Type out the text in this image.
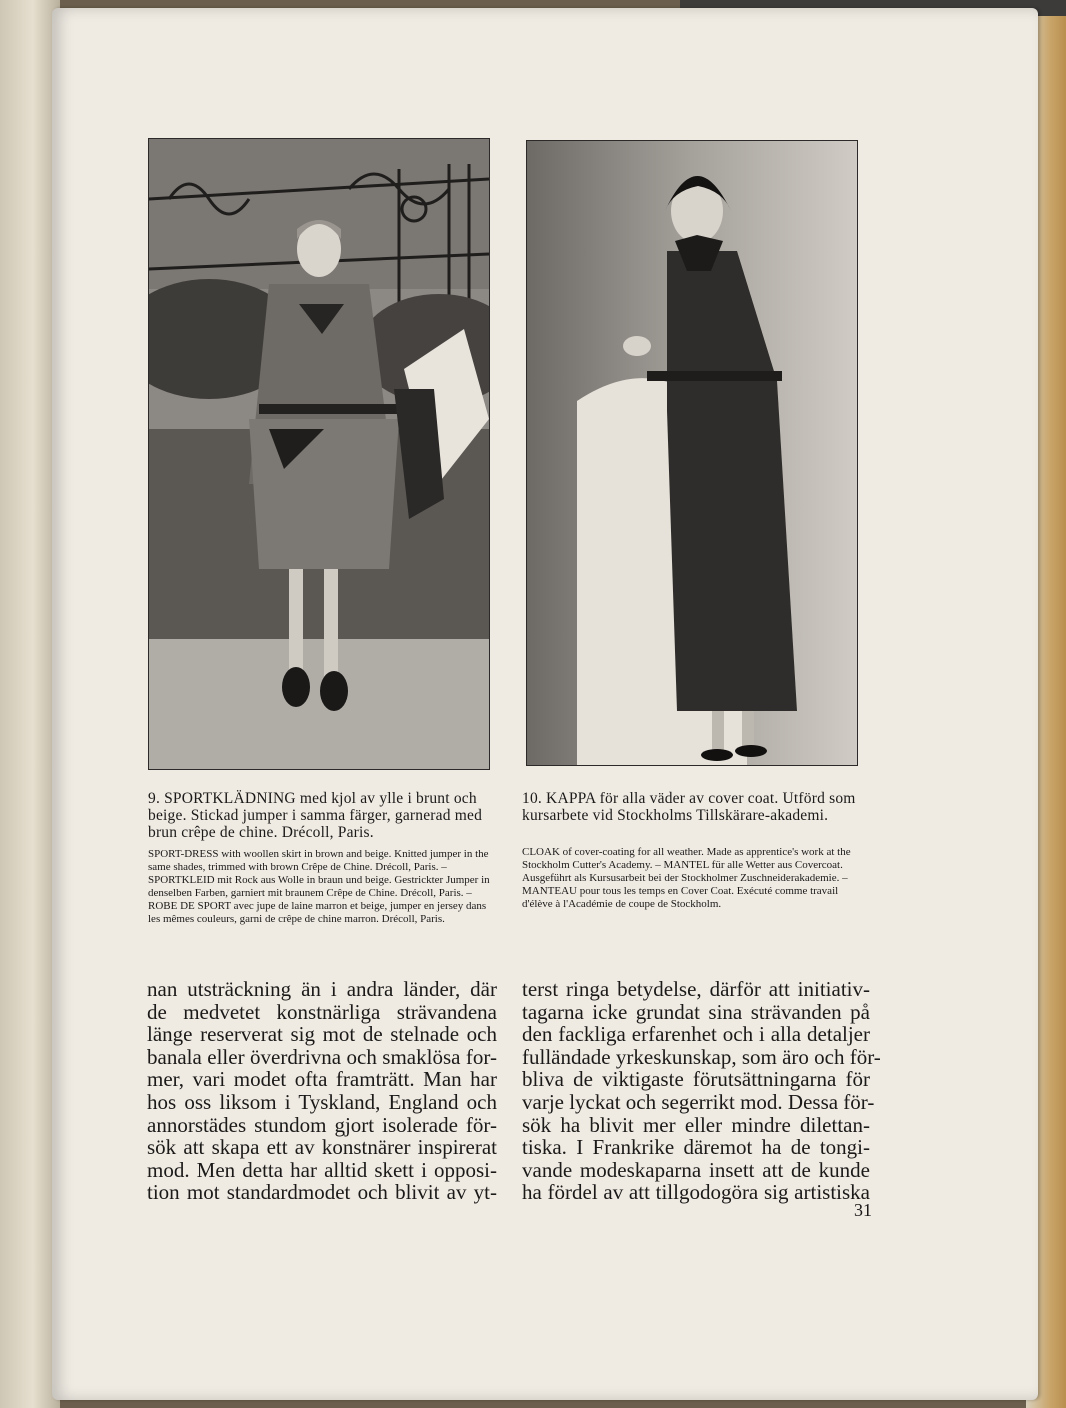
9. SPORTKLÄDNING med kjol av ylle i brunt och beige. Stickad jumper i samma färger, garnerad med brun crêpe de chine. Drécoll, Paris.
SPORT-DRESS with woollen skirt in brown and beige. Knitted jumper in the same shades, trimmed with brown Crêpe de Chine. Drécoll, Paris. – SPORTKLEID mit Rock aus Wolle in braun und beige. Gestrickter Jumper in denselben Farben, garniert mit braunem Crêpe de Chine. Drécoll, Paris. – ROBE DE SPORT avec jupe de laine marron et beige, jumper en jersey dans les mêmes couleurs, garni de crêpe de chine marron. Drécoll, Paris.
10. KAPPA för alla väder av cover coat. Utförd som kursarbete vid Stockholms Tillskärare-akademi.
CLOAK of cover-coating for all weather. Made as apprentice's work at the Stockholm Cutter's Academy. – MANTEL für alle Wetter aus Covercoat. Ausgeführt als Kursusarbeit bei der Stockholmer Zuschneiderakademie. – MANTEAU pour tous les temps en Cover Coat. Exécuté comme travail d'élève à l'Académie de coupe de Stockholm.
nan utsträckning än i andra länder, där
de medvetet konstnärliga strävandena
länge reserverat sig mot de stelnade och
banala eller överdrivna och smaklösa for-
mer, vari modet ofta framträtt. Man har
hos oss liksom i Tyskland, England och
annorstädes stundom gjort isolerade för-
sök att skapa ett av konstnärer inspirerat
mod. Men detta har alltid skett i opposi-
tion mot standardmodet och blivit av yt-
terst ringa betydelse, därför att initiativ-
tagarna icke grundat sina strävanden på
den fackliga erfarenhet och i alla detaljer
fulländade yrkeskunskap, som äro och för-
bliva de viktigaste förutsättningarna för
varje lyckat och segerrikt mod. Dessa för-
sök ha blivit mer eller mindre dilettan-
tiska. I Frankrike däremot ha de tongi-
vande modeskaparna insett att de kunde
ha fördel av att tillgodogöra sig artistiska
31
